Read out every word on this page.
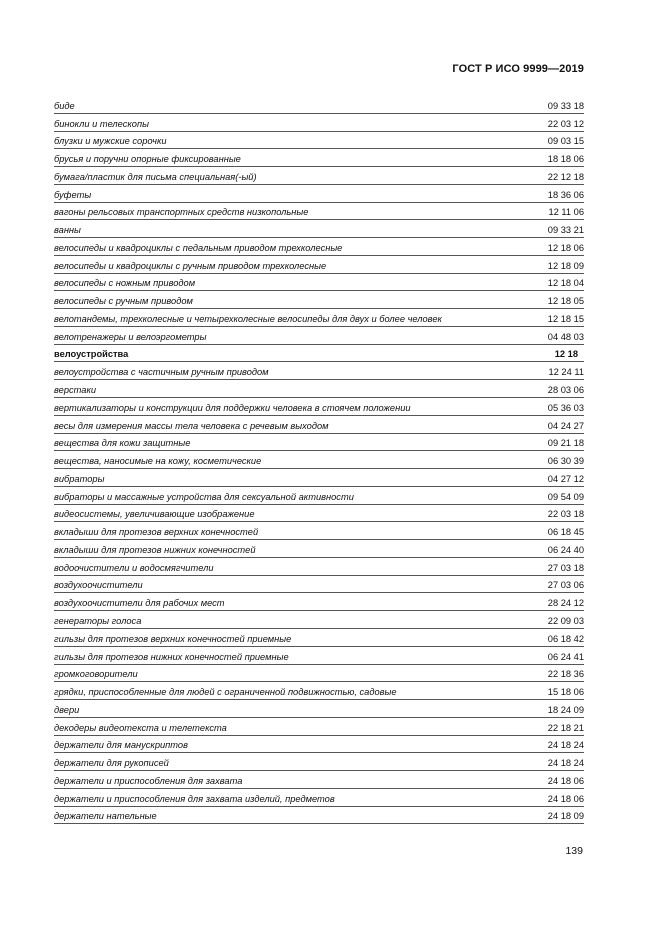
ГОСТ Р ИСО 9999—2019
биде	09 33 18
бинокли и телескопы	22 03 12
блузки и мужские сорочки	09 03 15
брусья и поручни опорные фиксированные	18 18 06
бумага/пластик для письма специальная(-ый)	22 12 18
буфеты	18 36 06
вагоны рельсовых транспортных средств низкопольные	12 11 06
ванны	09 33 21
велосипеды и квадроциклы с педальным приводом трехколесные	12 18 06
велосипеды и квадроциклы с ручным приводом трехколесные	12 18 09
велосипеды с ножным приводом	12 18 04
велосипеды с ручным приводом	12 18 05
велотандемы, трехколесные и четырехколесные велосипеды для двух и более человек	12 18 15
велотренажеры и велоэргометры	04 48 03
велоустройства	12 18
велоустройства с частичным ручным приводом	12 24 11
верстаки	28 03 06
вертикализаторы и конструкции для поддержки человека в стоячем положении	05 36 03
весы для измерения массы тела человека с речевым выходом	04 24 27
вещества для кожи защитные	09 21 18
вещества, наносимые на кожу, косметические	06 30 39
вибраторы	04 27 12
вибраторы и массажные устройства для сексуальной активности	09 54 09
видеосистемы, увеличивающие изображение	22 03 18
вкладыши для протезов верхних конечностей	06 18 45
вкладыши для протезов нижних конечностей	06 24 40
водоочистители и водосмягчители	27 03 18
воздухоочистители	27 03 06
воздухоочистители для рабочих мест	28 24 12
генераторы голоса	22 09 03
гильзы для протезов верхних конечностей приемные	06 18 42
гильзы для протезов нижних конечностей приемные	06 24 41
громкоговорители	22 18 36
грядки, приспособленные для людей с ограниченной подвижностью, садовые	15 18 06
двери	18 24 09
декодеры видеотекста и телетекста	22 18 21
держатели для манускриптов	24 18 24
держатели для рукописей	24 18 24
держатели и приспособления для захвата	24 18 06
держатели и приспособления для захвата изделий, предметов	24 18 06
держатели нательные	24 18 09
139
